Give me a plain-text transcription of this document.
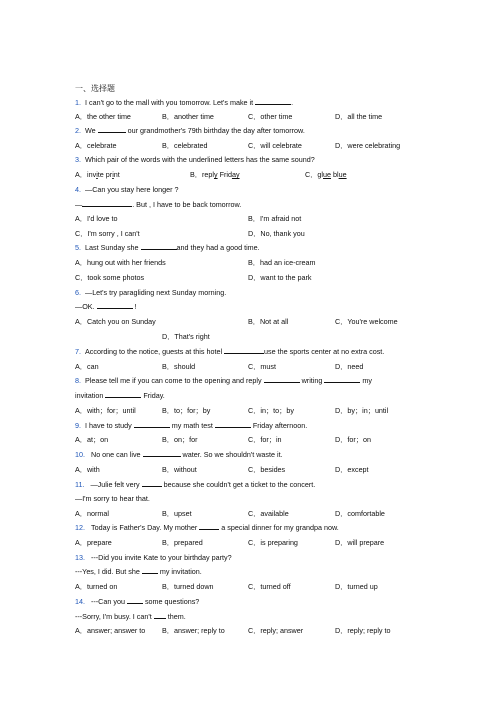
一、选择题
1. I can't go to the mall with you tomorrow. Let's make it	.
A．the other time	B．another time	C．other time	D．all the time
2. We	our grandmother's 79th birthday the day after tomorrow.
A．celebrate	B．celebrated	C．will celebrate	D．were celebrating
3. Which pair of the words with the underlined letters has the same sound?
A．invite print	B．reply Friday	C．glue blue
4. —Can you stay here longer ?
—	. But , I have to be back tomorrow.
A．I'd love to	B．I'm afraid not
C．I'm sorry , I can't	D．No, thank you
5. Last Sunday she	and they had a good time.
A．hung out with her friends	B．had an ice-cream
C．took some photos	D．want to the park
6. —Let's try paragliding next Sunday morning.
—OK.	!
A．Catch you on Sunday	B．Not at all	C．You're welcome
D．That's right
7. According to the notice, guests at this hotel	use the sports center at no extra cost.
A．can	B．should	C．must	D．need
8. Please tell me if you can come to the opening and reply	writing	my
invitation	Friday.
A．with；for；until	B．to；for；by	C．in；to；by	D．by；in；until
9. I have to study	my math test	Friday afternoon.
A．at；on	B．on；for	C．for；in	D．for；on
10. No one can live	water. So we shouldn't waste it.
A．with	B．without	C．besides	D．except
11. —Julie felt very	because she couldn't get a ticket to the concert.
—I'm sorry to hear that.
A．normal	B．upset	C．available	D．comfortable
12. Today is Father's Day. My mother	a special dinner for my grandpa now.
A．prepare	B．prepared	C．is preparing	D．will prepare
13. ---Did you invite Kate to your birthday party?
---Yes, I did. But she  my invitation.
A．turned on	B．turned down	C．turned off	D．turned up
14. ---Can you  some questions?
---Sorry, I'm busy. I can't  them.
A．answer; answer to B．answer; reply to	C．reply; answer	D．reply; reply to
